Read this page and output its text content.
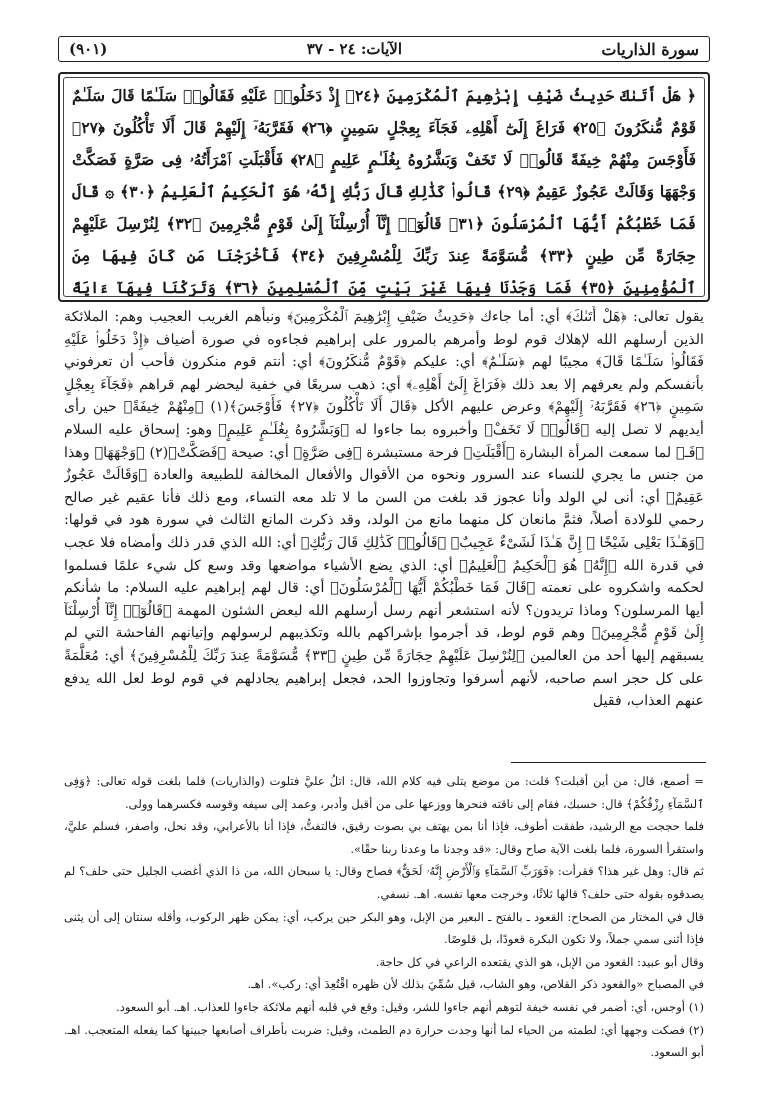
( ٩٠١ )	الآيات: ٢٤ - ٣٧	سورة الذاريات

﴿ هَلْ أَتَىٰكَ حَدِيثُ ضَيْفِ إِبْرَٰهِيمَ ٱلْمُكْرَمِينَ ﴿٢٤﴾ إِذْ دَخَلُوا۟ عَلَيْهِ فَقَالُوا۟ سَلَـٰمًا قَالَ سَلَـٰمٌ قَوْمٌ مُّنكَرُونَ ﴿٢٥﴾ فَرَاغَ إِلَىٰٓ أَهْلِهِۦ فَجَآءَ بِعِجْلٍ سَمِينٍ ﴿٢٦﴾ فَقَرَّبَهُۥٓ إِلَيْهِمْ قَالَ أَلَا تَأْكُلُونَ ﴿٢٧﴾ فَأَوْجَسَ مِنْهُمْ خِيفَةً قَالُوا۟ لَا تَخَفْ وَبَشَّرُوهُ بِغُلَـٰمٍ عَلِيمٍ ﴿٢٨﴾ فَأَقْبَلَتِ ٱمْرَأَتُهُۥ فِى صَرَّةٍ فَصَكَّتْ وَجْهَهَا وَقَالَتْ عَجُوزٌ عَقِيمٌ ﴿٢٩﴾ قَالُوا۟ كَذَٰلِكِ قَالَ رَبُّكِ إِنَّهُۥ هُوَ ٱلْحَكِيمُ ٱلْعَلِيمُ ﴿٣٠﴾ ۞ قَالَ فَمَا خَطْبُكُمْ أَيُّهَا ٱلْمُرْسَلُونَ ﴿٣١﴾ قَالُوٓا۟ إِنَّآ أُرْسِلْنَآ إِلَىٰ قَوْمٍ مُّجْرِمِينَ ﴿٣٢﴾ لِنُرْسِلَ عَلَيْهِمْ حِجَارَةً مِّن طِينٍ ﴿٣٣﴾ مُّسَوَّمَةً عِندَ رَبِّكَ لِلْمُسْرِفِينَ ﴿٣٤﴾ فَأَخْرَجْنَا مَن كَانَ فِيهَا مِنَ ٱلْمُؤْمِنِينَ ﴿٣٥﴾ فَمَا وَجَدْنَا فِيهَا غَيْرَ بَيْتٍ مِّنَ ٱلْمُسْلِمِينَ ﴿٣٦﴾ وَتَرَكْنَا فِيهَآ ءَايَةً

يقول تعالى: ﴿هَلْ أَتَىٰكَ﴾ أي: أما جاءك ﴿حَدِيثُ ضَيْفِ إِبْرَٰهِيمَ ٱلْمُكْرَمِينَ﴾ ونبأهم الغريب العجيب وهم: الملائكة الذين أرسلهم الله لإهلاك قوم لوط وأمرهم بالمرور على إبراهيم فجاءوه في صورة أضياف ﴿إِذْ دَخَلُوا۟ عَلَيْهِ فَقَالُوا۟ سَلَـٰمًا قَالَ﴾ مجيبًا لهم ﴿سَلَـٰمٌ﴾ أي: عليكم ﴿قَوْمٌ مُّنكَرُونَ﴾ أي: أنتم قوم منكرون فأحب أن تعرفوني بأنفسكم ولم يعرفهم إلا بعد ذلك ﴿فَرَاغَ إِلَىٰٓ أَهْلِهِۦ﴾ أي: ذهب سريعًا في خفية ليحضر لهم قراهم ﴿فَجَآءَ بِعِجْلٍ سَمِينٍ ﴿٢٦﴾ فَقَرَّبَهُۥٓ إِلَيْهِمْ﴾ وعرض عليهم الأكل ﴿قَالَ أَلَا تَأْكُلُونَ ﴿٢٧﴾ فَأَوْجَسَ﴾(١) ﴿مِنْهُمْ خِيفَةً﴾ حين رأى أيديهم لا تصل إليه ﴿قَالُوا۟ لَا تَخَفْ﴾ وأخبروه بما جاءوا له ﴿وَبَشَّرُوهُ بِغُلَـٰمٍ عَلِيمٍ﴾ وهو: إسحاق عليه السلام ﴿فَـ﴾ لما سمعت المرأة البشارة ﴿أَقْبَلَتِ﴾ فرحة مستبشرة ﴿فِى صَرَّةٍ﴾ أي: صيحة ﴿فَصَكَّتْ﴾(٢) ﴿وَجْهَهَا﴾ وهذا من جنس ما يجري للنساء عند السرور ونحوه من الأقوال والأفعال المخالفة للطبيعة والعادة ﴿وَقَالَتْ عَجُوزٌ عَقِيمٌ﴾ أي: أنى لي الولد وأنا عجوز قد بلغت من السن ما لا تلد معه النساء، ومع ذلك فأنا عقيم غير صالح رحمي للولادة أصلاً، فثمَّ مانعان كل منهما مانع من الولد، وقد ذكرت المانع الثالث في سورة هود في قولها: ﴿وَهَـٰذَا بَعْلِى شَيْخًا ۖ إِنَّ هَـٰذَا لَشَىْءٌ عَجِيبٌ﴾ ﴿قَالُوا۟ كَذَٰلِكِ قَالَ رَبُّكِ﴾ أي: الله الذي قدر ذلك وأمضاه فلا عجب في قدرة الله ﴿إِنَّهُۥ هُوَ ٱلْحَكِيمُ ٱلْعَلِيمُ﴾ أي: الذي يضع الأشياء مواضعها وقد وسع كل شيء علمًا فسلموا لحكمه واشكروه على نعمته ﴿قَالَ فَمَا خَطْبُكُمْ أَيُّهَا ٱلْمُرْسَلُونَ﴾ أي: قال لهم إبراهيم عليه السلام: ما شأنكم أيها المرسلون؟ وماذا تريدون؟ لأنه استشعر أنهم رسل أرسلهم الله لبعض الشئون المهمة ﴿قَالُوٓا۟ إِنَّآ أُرْسِلْنَآ إِلَىٰ قَوْمٍ مُّجْرِمِينَ﴾ وهم قوم لوط، قد أجرموا بإشراكهم بالله وتكذيبهم لرسولهم وإتيانهم الفاحشة التي لم يسبقهم إليها أحد من العالمين ﴿لِنُرْسِلَ عَلَيْهِمْ حِجَارَةً مِّن طِينٍ ﴿٣٣﴾ مُّسَوَّمَةً عِندَ رَبِّكَ لِلْمُسْرِفِينَ﴾ أي: مُعَلَّمَةً على كل حجر اسم صاحبه، لأنهم أسرفوا وتجاوزوا الحد، فجعل إبراهيم يجادلهم في قوم لوط لعل الله يدفع عنهم العذاب، فقيل

= أصمع، قال: من أين أقبلت؟ قلت: من موضع يتلى فيه كلام الله، قال: اتلُ عليَّ فتلوت (والذاريات) فلما بلغت قوله تعالى: ﴿وَفِى ٱلسَّمَآءِ رِزْقُكُمْ﴾ قال: حسبك، فقام إلى ناقته فنحرها ووزعها على من أقبل وأدبر، وعمد إلى سيفه وقوسه فكسرهما وولى.

فلما حججت مع الرشيد، طفقت أطوف، فإذا أنا بمن يهتف بي بصوت رقيق، فالتفتُّ، فإذا أنا بالأعرابي، وقد نحل، واصفر، فسلم عليَّ، واستقرأ السورة، فلما بلغت الآية صاح وقال: «قد وجدنا ما وعدنا ربنا حقًا».

ثم قال: وهل غير هذا؟ فقرأت: ﴿فَوَرَبِّ ٱلسَّمَآءِ وَٱلْأَرْضِ إِنَّهُۥ لَحَقٌّ﴾ فصاح وقال: يا سبحان الله، من ذا الذي أغضب الجليل حتى حلف؟ لم يصدقوه بقوله حتى حلف؟ قالها ثلاثًا، وخرجت معها نفسه. اهـ. نسفي.

قال في المختار من الصحاح: القعود ـ بالفتح ـ البعير من الإبل، وهو البكر حين يركب، أي: يمكن ظهر الركوب، وأقله سنتان إلى أن يثنى فإذا أثنى سمي جملاً، ولا تكون البكرة قعودًا، بل قلوصًا.

وقال أبو عبيد: القعود من الإبل، هو الذي يقتعده الراعي في كل حاجة.

في المصباح «والقعود ذكر القلاص، وهو الشاب، قيل سُمِّيَ بذلك لأن ظهره اقْتُعِدَ أي: ركب». اهـ.

(١) أوجس، أي: أضمر في نفسه خيفة لتوهم أنهم جاءوا للشر، وقيل: وقع في قلبه أنهم ملائكة جاءوا للعذاب. اهـ. أبو السعود.

(٢) فصكت وجهها أي: لطمته من الحياء لما أنها وجدت حرارة دم الطمث، وقيل: ضربت بأطراف أصابعها جبينها كما يفعله المتعجب. اهـ. أبو السعود.
